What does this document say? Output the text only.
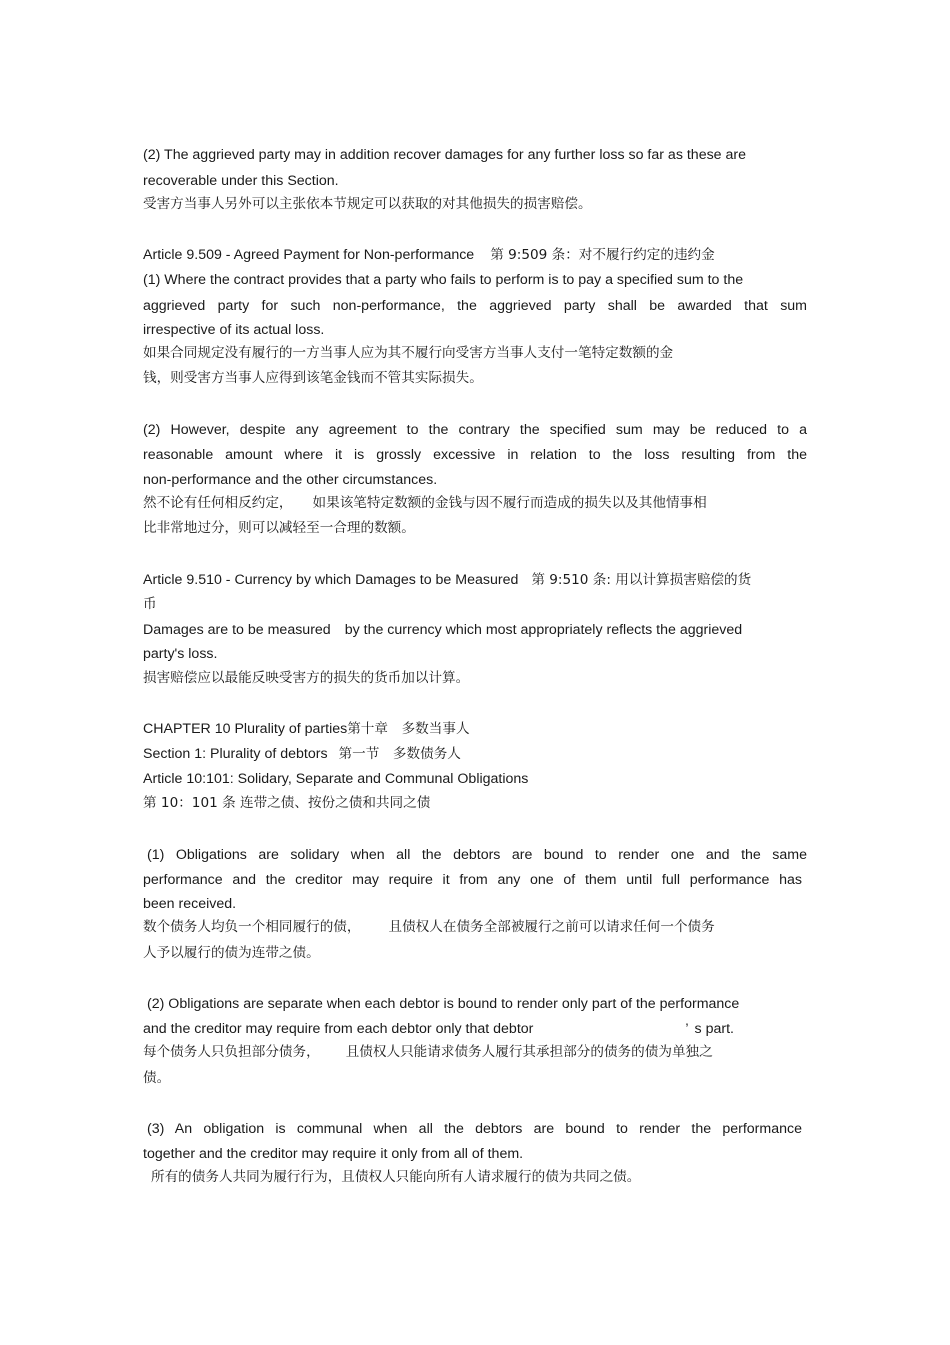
(2) The aggrieved party may in addition recover damages for any further loss so far as these are
recoverable under this Section.
受害方当事人另外可以主张依本节规定可以获取的对其他损失的损害赔偿。
Article 9.509 - Agreed Payment for Non-performance 第 9:509 条：对不履行约定的违约金
(1) Where the contract provides that a party who fails to perform is to pay a specified sum to the
aggrieved party for such non-performance, the aggrieved party shall be awarded that sum
irrespective of its actual loss.
如果合同规定没有履行的一方当事人应为其不履行向受害方当事人支付一笔特定数额的金
钱，则受害方当事人应得到该笔金钱而不管其实际损失。
(2) However, despite any agreement to the contrary the specified sum may be reduced to a
reasonable amount where it is grossly excessive in relation to the loss resulting from the
non-performance and the other circumstances.
然不论有任何相反约定， 如果该笔特定数额的金钱与因不履行而造成的损失以及其他情事相
比非常地过分，则可以减轻至一合理的数额。
Article 9.510 - Currency by which Damages to be Measured 第 9:510 条: 用以计算损害赔偿的货
币
Damages are to be measured by the currency which most appropriately reflects the aggrieved
party's loss.
损害赔偿应以最能反映受害方的损失的货币加以计算。
CHAPTER 10 Plurality of parties第十章　多数当事人
Section 1: Plurality of debtors 第一节　多数债务人
Article 10:101: Solidary, Separate and Communal Obligations
第 10：101 条 连带之债、按份之债和共同之债
(1) Obligations are solidary when all the debtors are bound to render one and the same
performance and the creditor may require it from any one of them until full performance has
been received.
数个债务人均负一个相同履行的债， 且债权人在债务全部被履行之前可以请求任何一个债务
人予以履行的债为连带之债。
(2) Obligations are separate when each debtor is bound to render only part of the performance
and the creditor may require from each debtor only that debtor	’ s part.
每个债务人只负担部分债务， 且债权人只能请求债务人履行其承担部分的债务的债为单独之
债。
(3) An obligation is communal when all the debtors are bound to render the performance
together and the creditor may require it only from all of them.
所有的债务人共同为履行行为，且债权人只能向所有人请求履行的债为共同之债。
